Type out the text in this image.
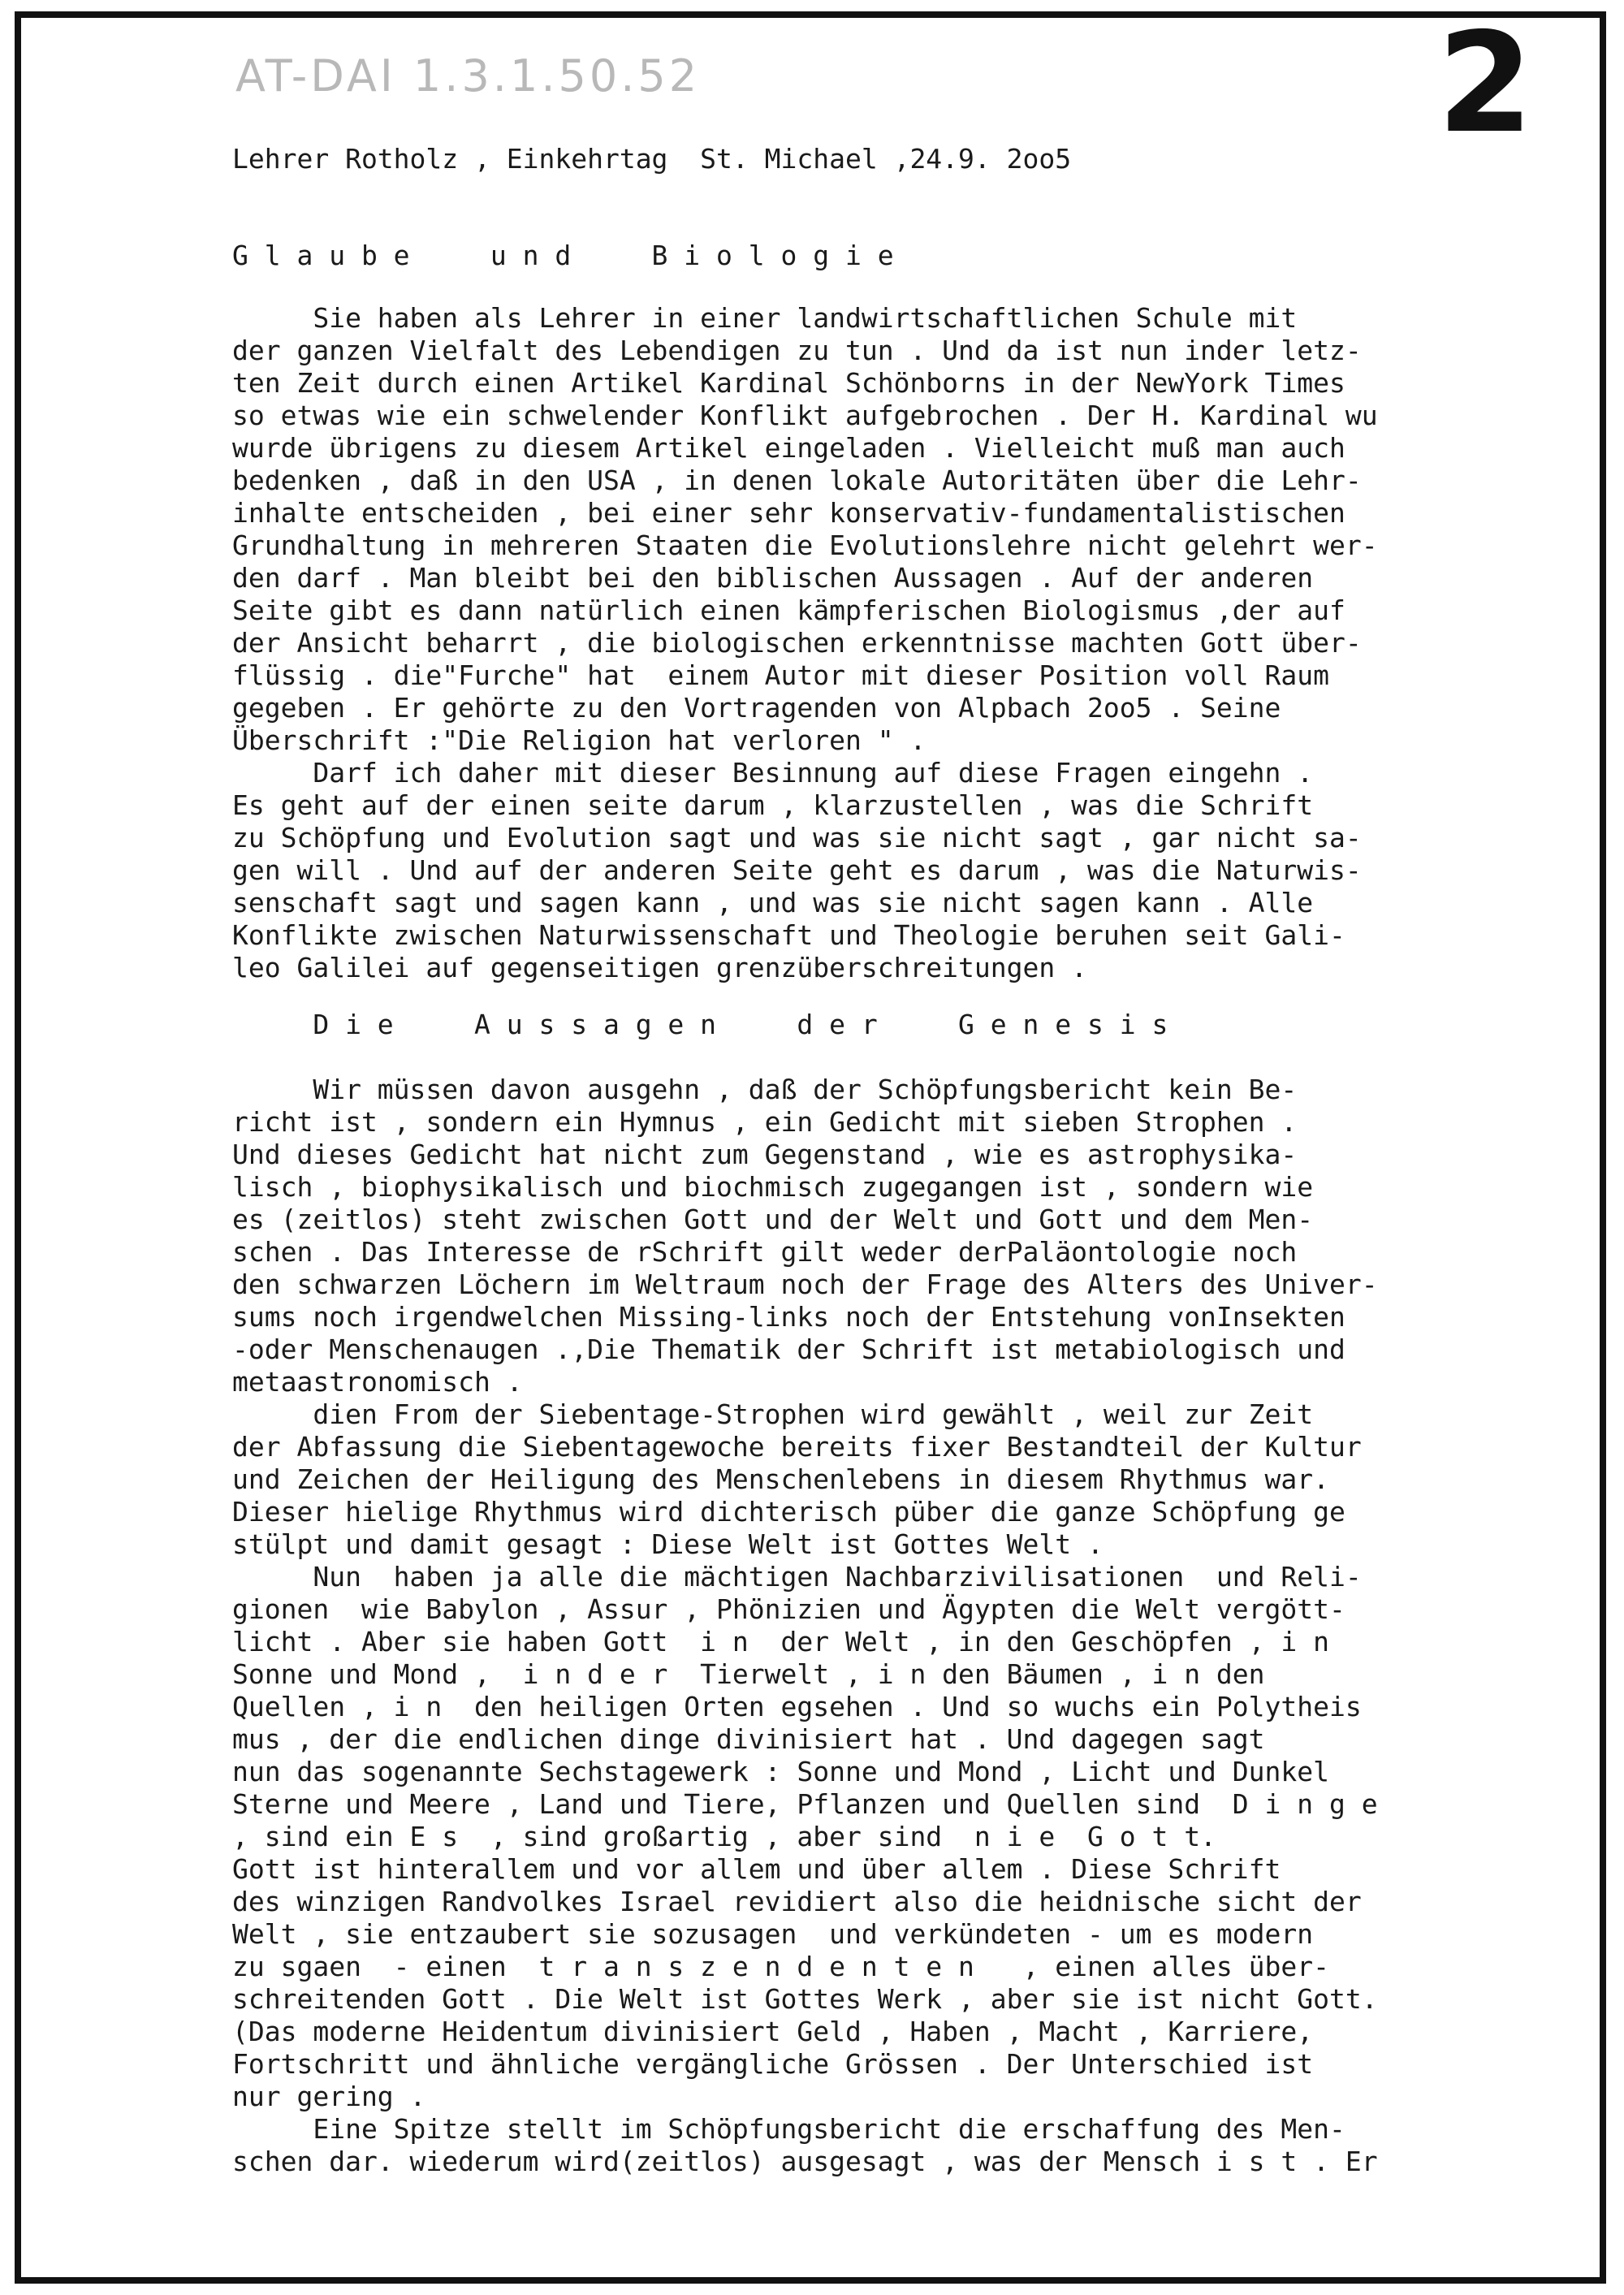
AT-DAI 1.3.1.50.52	2
Lehrer Rotholz , Einkehrtag  St. Michael ,24.9. 2oo5
G l a u b e     u n d     B i o l o g i e
Sie haben als Lehrer in einer landwirtschaftlichen Schule mit
der ganzen Vielfalt des Lebendigen zu tun . Und da ist nun inder letz-
ten Zeit durch einen Artikel Kardinal Schönborns in der NewYork Times
so etwas wie ein schwelender Konflikt aufgebrochen . Der H. Kardinal wu
wurde übrigens zu diesem Artikel eingeladen . Vielleicht muß man auch
bedenken , daß in den USA , in denen lokale Autoritäten über die Lehr-
inhalte entscheiden , bei einer sehr konservativ-fundamentalistischen
Grundhaltung in mehreren Staaten die Evolutionslehre nicht gelehrt wer-
den darf . Man bleibt bei den biblischen Aussagen . Auf der anderen
Seite gibt es dann natürlich einen kämpferischen Biologismus ,der auf
der Ansicht beharrt , die biologischen erkenntnisse machten Gott über-
flüssig . die"Furche" hat  einem Autor mit dieser Position voll Raum
gegeben . Er gehörte zu den Vortragenden von Alpbach 2oo5 . Seine
Überschrift :"Die Religion hat verloren " .
Darf ich daher mit dieser Besinnung auf diese Fragen eingehn .
Es geht auf der einen seite darum , klarzustellen , was die Schrift
zu Schöpfung und Evolution sagt und was sie nicht sagt , gar nicht sa-
gen will . Und auf der anderen Seite geht es darum , was die Naturwis-
senschaft sagt und sagen kann , und was sie nicht sagen kann . Alle
Konflikte zwischen Naturwissenschaft und Theologie beruhen seit Gali-
leo Galilei auf gegenseitigen grenzüberschreitungen .
D i e     A u s s a g e n     d e r     G e n e s i s
Wir müssen davon ausgehn , daß der Schöpfungsbericht kein Be-
richt ist , sondern ein Hymnus , ein Gedicht mit sieben Strophen .
Und dieses Gedicht hat nicht zum Gegenstand , wie es astrophysika-
lisch , biophysikalisch und biochmisch zugegangen ist , sondern wie
es (zeitlos) steht zwischen Gott und der Welt und Gott und dem Men-
schen . Das Interesse de rSchrift gilt weder derPaläontologie noch
den schwarzen Löchern im Weltraum noch der Frage des Alters des Univer-
sums noch irgendwelchen Missing-links noch der Entstehung vonInsekten
-oder Menschenaugen .,Die Thematik der Schrift ist metabiologisch und
metaastronomisch .
dien From der Siebentage-Strophen wird gewählt , weil zur Zeit
der Abfassung die Siebentagewoche bereits fixer Bestandteil der Kultur
und Zeichen der Heiligung des Menschenlebens in diesem Rhythmus war.
Dieser hielige Rhythmus wird dichterisch püber die ganze Schöpfung ge
stülpt und damit gesagt : Diese Welt ist Gottes Welt .
Nun  haben ja alle die mächtigen Nachbarzivilisationen  und Reli-
gionen  wie Babylon , Assur , Phönizien und Ägypten die Welt vergött-
licht . Aber sie haben Gott  i n  der Welt , in den Geschöpfen , i n
Sonne und Mond ,  i n d e r  Tierwelt , i n den Bäumen , i n den
Quellen , i n  den heiligen Orten egsehen . Und so wuchs ein Polytheis
mus , der die endlichen dinge divinisiert hat . Und dagegen sagt
nun das sogenannte Sechstagewerk : Sonne und Mond , Licht und Dunkel
Sterne und Meere , Land und Tiere, Pflanzen und Quellen sind  D i n g e
, sind ein E s  , sind großartig , aber sind  n i e  G o t t.
Gott ist hinterallem und vor allem und über allem . Diese Schrift
des winzigen Randvolkes Israel revidiert also die heidnische sicht der
Welt , sie entzaubert sie sozusagen  und verkündeten - um es modern
zu sgaen  - einen  t r a n s z e n d e n t e n   , einen alles über-
schreitenden Gott . Die Welt ist Gottes Werk , aber sie ist nicht Gott.
(Das moderne Heidentum divinisiert Geld , Haben , Macht , Karriere,
Fortschritt und ähnliche vergängliche Grössen . Der Unterschied ist
nur gering .
Eine Spitze stellt im Schöpfungsbericht die erschaffung des Men-
schen dar. wiederum wird(zeitlos) ausgesagt , was der Mensch i s t . Er
